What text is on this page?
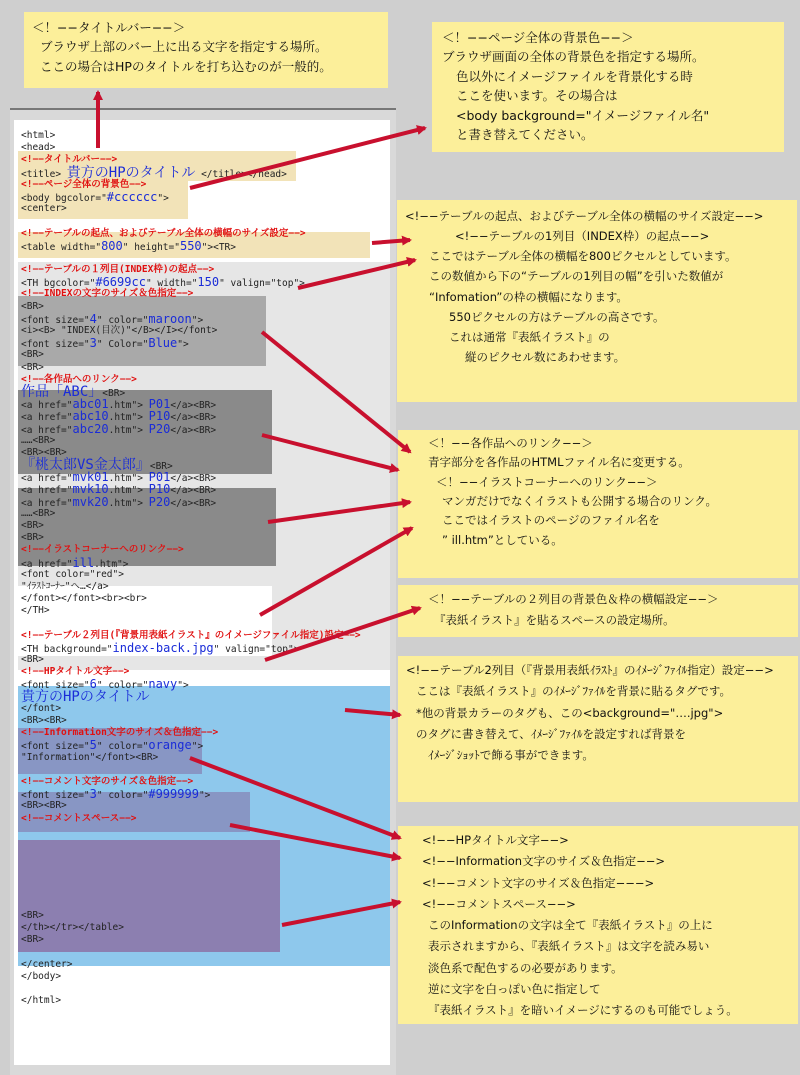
＜！−−タイトルバー−−＞
ブラウザ上部のバー上に出る文字を指定する場所。
ここの場合はHPのタイトルを打ち込むのが一般的。
＜！−−ページ全体の背景色−−＞
ブラウザ画面の全体の背景色を指定する場所。
色以外にイメージファイルを背景化する時
ここを使います。その場合は
<body background="イメージファイル名"
と書き替えてください。
<!−−テーブルの起点、およびテーブル全体の横幅のサイズ設定−−>
<!−−テーブルの1列目（INDEX枠）の起点−−>
ここではテーブル全体の横幅を800ピクセルとしています。
この数値から下の“テーブルの1列目の幅”を引いた数値が
“Infomation”の枠の横幅になります。
550ピクセルの方はテーブルの高さです。
これは通常『表紙イラスト』の
縦のピクセル数にあわせます。
＜！−−各作品へのリンク−−＞
青字部分を各作品のHTMLファイル名に変更する。
＜！−−イラストコーナーへのリンク−−＞
マンガだけでなくイラストも公開する場合のリンク。
ここではイラストのページのファイル名を
” ill.htm”としている。
＜！−−テーブルの２列目の背景色＆枠の横幅設定−−＞
『表紙イラスト』を貼るスペースの設定場所。
<!−−テーブル2列目（『背景用表紙ｲﾗｽﾄ』のｲﾒｰｼﾞﾌｧｲﾙ指定）設定−−>
ここは『表紙イラスト』のｲﾒｰｼﾞﾌｧｲﾙを背景に貼るタグです。
*他の背景カラーのタグも、この<background="….jpg">
のタグに書き替えて、ｲﾒｰｼﾞﾌｧｲﾙを設定すれば背景を
ｲﾒｰｼﾞｼｮｯﾄで飾る事ができます。
<!−−HPタイトル文字−−>
<!−−Information文字のサイズ＆色指定−−>
<!−−コメント文字のサイズ＆色指定−−−>
<!−−コメントスペース−−>
このInformationの文字は全て『表紙イラスト』の上に
表示されますから、『表紙イラスト』は文字を読み易い
淡色系で配色するの必要があります。
逆に文字を白っぽい色に指定して
『表紙イラスト』を暗いイメージにするのも可能でしょう。
<html>
<head>
<!−−タイトルバー−−>
<title> 貴方のHPのタイトル </title></head>
<!−−ページ全体の背景色−−>
<body bgcolor="#cccccc">
<center>
<!−−テーブルの起点、およびテーブル全体の横幅のサイズ設定−−>
<table width="800" height="550"><TR>
<!−−テーブルの１列目(INDEX枠)の起点−−>
<TH bgcolor="#6699cc" width="150" valign="top">
<!−−INDEXの文字のサイズ＆色指定−−>
<BR>
<font size="4" color="maroon">
<i><B> "INDEX(目次)"</B></I></font>
<font size="3" Color="Blue">
<BR>
<BR>
<!−−各作品へのリンク−−>
作品「ABC」<BR>
<a href="abc01.htm"> P01</a><BR>
<a href="abc10.htm"> P10</a><BR>
<a href="abc20.htm"> P20</a><BR>
……<BR>
<BR><BR>
『桃太郎VS金太郎』<BR>
<a href="mvk01.htm"> P01</a><BR>
<a href="mvk10.htm"> P10</a><BR>
<a href="mvk20.htm"> P20</a><BR>
……<BR>
<BR>
<BR>
<!−−イラストコーナーへのリンク−−>
<a href="ill.htm">
<font color="red">
"ｲﾗｽﾄｺｰﾅｰ"へ…</a>
</font></font><br><br>
</TH>
<!−−テーブル２列目(『背景用表紙イラスト』のイメージファイル指定)設定−−>
<TH background="index-back.jpg" valign="top">
<BR>
<!−−HPタイトル文字−−>
<font size="6" color="navy">
貴方のHPのタイトル
</font>
<BR><BR>
<!−−Information文字のサイズ＆色指定−−>
<font size="5" color="orange">
"Information"</font><BR>
<!−−コメント文字のサイズ＆色指定−−>
<font size="3" color="#999999">
<BR><BR>
<!−−コメントスペース−−>
<BR>
</th></tr></table>
<BR>
</center>
</body>
</html>
